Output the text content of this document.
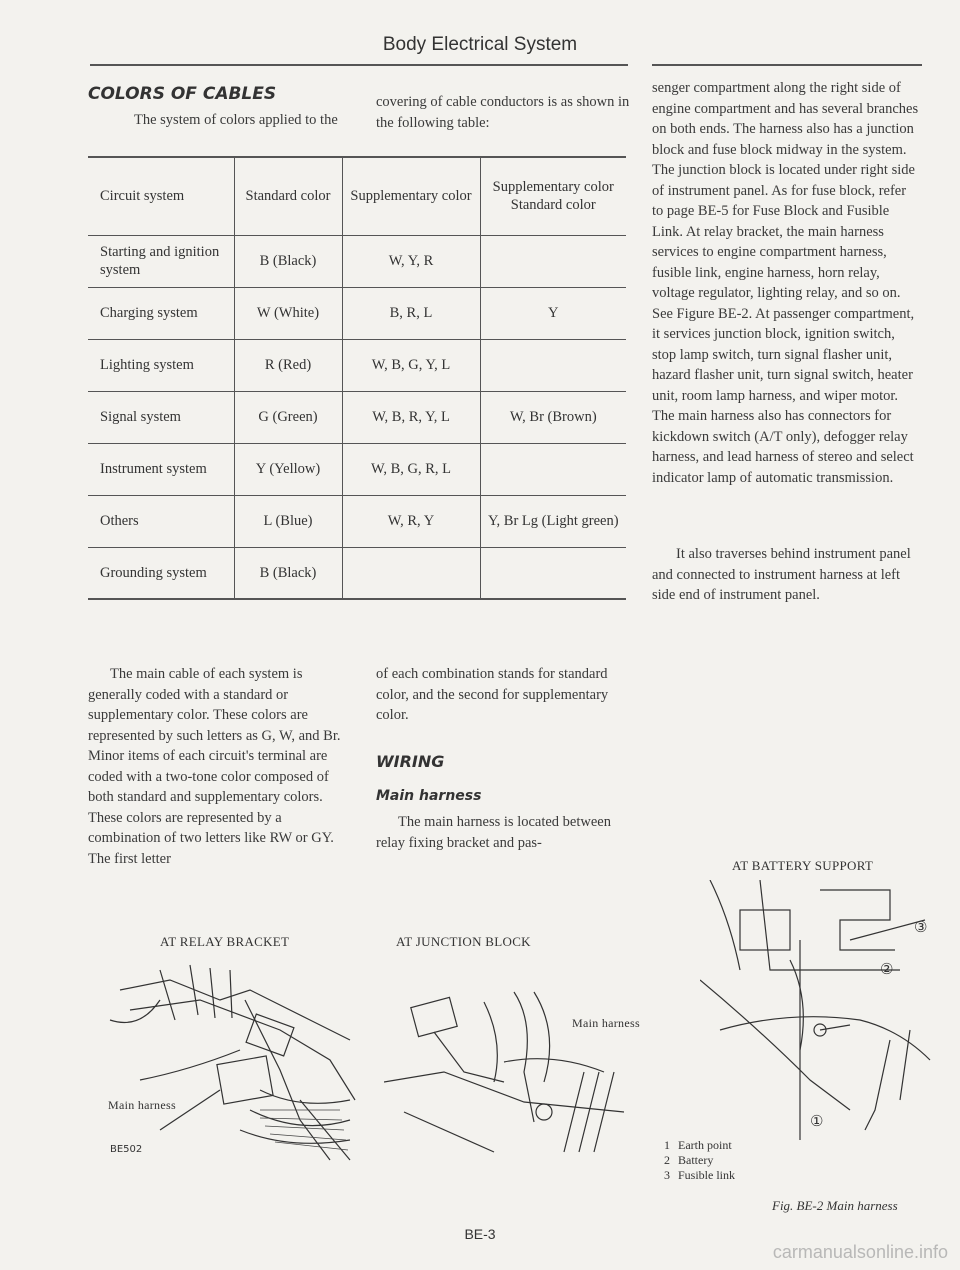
Body Electrical System
COLORS OF CABLES

The system of colors applied to the

covering of cable conductors is as shown in the following table:

Circuit system	Standard color	Supplementary color	Supplementary color Standard color
Starting and ignition system	B (Black)	W, Y, R	
Charging system	W (White)	B, R, L	Y
Lighting system	R (Red)	W, B, G, Y, L	
Signal system	G (Green)	W, B, R, Y, L	W, Br (Brown)
Instrument system	Y (Yellow)	W, B, G, R, L	
Others	L (Blue)	W, R, Y	Y, Br Lg (Light green)
Grounding system	B (Black)		

The main cable of each system is generally coded with a standard or supplementary color. These colors are represented by such letters as G, W, and Br. Minor items of each circuit's terminal are coded with a two-tone color composed of both standard and supplementary colors. These colors are represented by a combination of two letters like RW or GY. The first letter

of each combination stands for standard color, and the second for supplementary color.

WIRING
Main harness

The main harness is located between relay fixing bracket and pas-

senger compartment along the right side of engine compartment and has several branches on both ends. The harness also has a junction block and fuse block midway in the system. The junction block is located under right side of instrument panel. As for fuse block, refer to page BE-5 for Fuse Block and Fusible Link. At relay bracket, the main harness services to engine compartment harness, fusible link, engine harness, horn relay, voltage regulator, lighting relay, and so on. See Figure BE-2. At passenger compartment, it services junction block, ignition switch, stop lamp switch, turn signal flasher unit, hazard flasher unit, turn signal switch, heater unit, room lamp harness, and wiper motor. The main harness also has connectors for kickdown switch (A/T only), defogger relay harness, and lead harness of stereo and select indicator lamp of automatic transmission.

It also traverses behind instrument panel and connected to instrument harness at left side end of instrument panel.

AT RELAY BRACKET	AT JUNCTION BLOCK
AT BATTERY SUPPORT
Main harness
BE502
Main harness
③
②
①
1 Earth point
2 Battery
3 Fusible link
Fig. BE-2 Main harness
BE-3
carmanualsonline.info
